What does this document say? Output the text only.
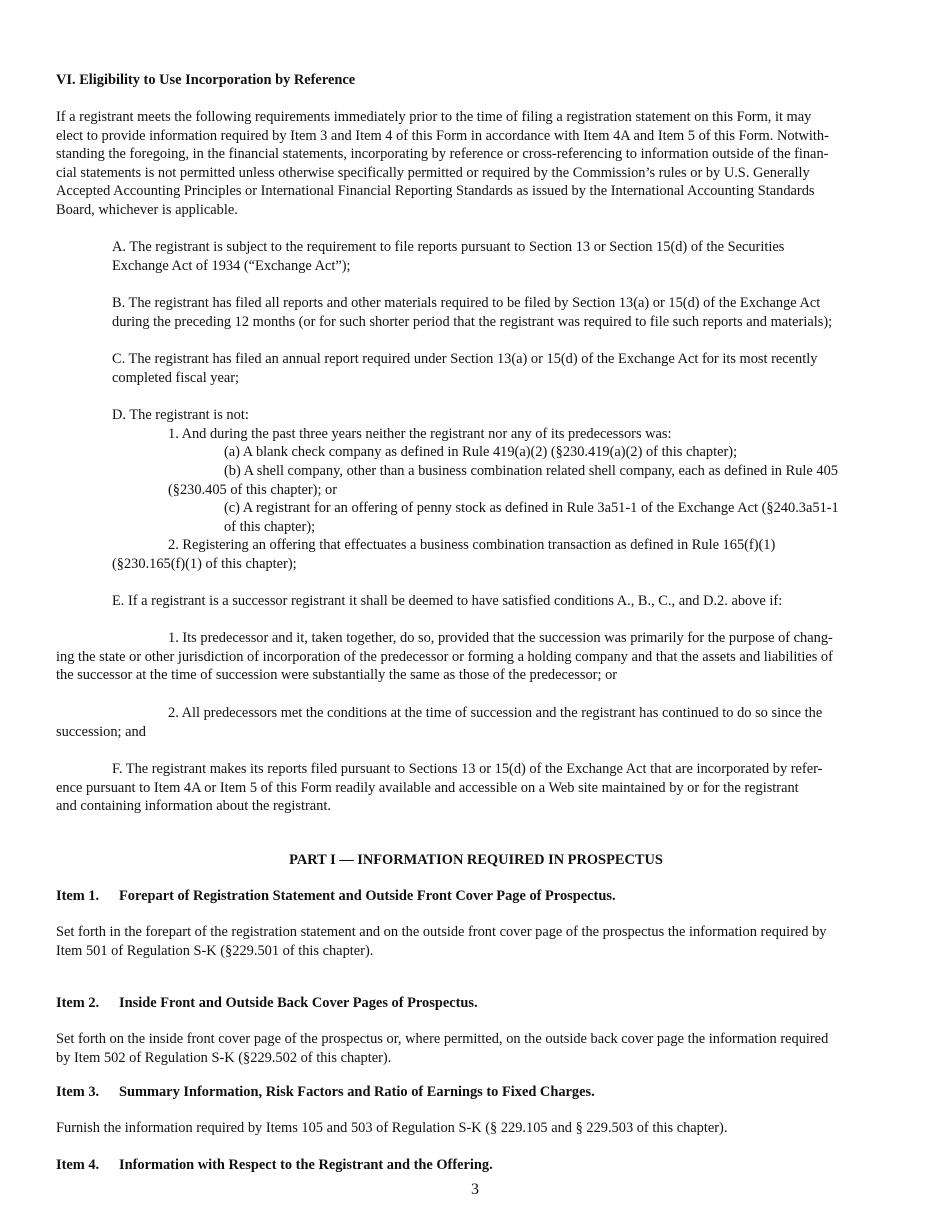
VI. Eligibility to Use Incorporation by Reference

If a registrant meets the following requirements immediately prior to the time of filing a registration statement on this Form, it may

elect to provide information required by Item 3 and Item 4 of this Form in accordance with Item 4A and Item 5 of this Form. Notwith-

standing the foregoing, in the financial statements, incorporating by reference or cross-referencing to information outside of the finan-

cial statements is not permitted unless otherwise specifically permitted or required by the Commission’s rules or by U.S. Generally

Accepted Accounting Principles or International Financial Reporting Standards as issued by the International Accounting Standards

Board, whichever is applicable.

A. The registrant is subject to the requirement to file reports pursuant to Section 13 or Section 15(d) of the Securities

Exchange Act of 1934 (“Exchange Act”);

B. The registrant has filed all reports and other materials required to be filed by Section 13(a) or 15(d) of the Exchange Act

during the preceding 12 months (or for such shorter period that the registrant was required to file such reports and materials);

C. The registrant has filed an annual report required under Section 13(a) or 15(d) of the Exchange Act for its most recently

completed fiscal year;

D. The registrant is not:

1. And during the past three years neither the registrant nor any of its predecessors was:

(a) A blank check company as defined in Rule 419(a)(2) (§230.419(a)(2) of this chapter);

(b) A shell company, other than a business combination related shell company, each as defined in Rule 405

(§230.405 of this chapter); or

(c) A registrant for an offering of penny stock as defined in Rule 3a51-1 of the Exchange Act (§240.3a51-1

of this chapter);

2. Registering an offering that effectuates a business combination transaction as defined in Rule 165(f)(1)

(§230.165(f)(1) of this chapter);

E. If a registrant is a successor registrant it shall be deemed to have satisfied conditions A., B., C., and D.2. above if:

1. Its predecessor and it, taken together, do so, provided that the succession was primarily for the purpose of chang-

ing the state or other jurisdiction of incorporation of the predecessor or forming a holding company and that the assets and liabilities of

the successor at the time of succession were substantially the same as those of the predecessor; or

2. All predecessors met the conditions at the time of succession and the registrant has continued to do so since the

succession; and

F. The registrant makes its reports filed pursuant to Sections 13 or 15(d) of the Exchange Act that are incorporated by refer-

ence pursuant to Item 4A or Item 5 of this Form readily available and accessible on a Web site maintained by or for the registrant

and containing information about the registrant.

PART I — INFORMATION REQUIRED IN PROSPECTUS

Item 1. Forepart of Registration Statement and Outside Front Cover Page of Prospectus.

Set forth in the forepart of the registration statement and on the outside front cover page of the prospectus the information required by

Item 501 of Regulation S-K (§229.501 of this chapter).

Item 2. Inside Front and Outside Back Cover Pages of Prospectus.

Set forth on the inside front cover page of the prospectus or, where permitted, on the outside back cover page the information required

by Item 502 of Regulation S-K (§229.502 of this chapter).

Item 3. Summary Information, Risk Factors and Ratio of Earnings to Fixed Charges.

Furnish the information required by Items 105 and 503 of Regulation S-K (§ 229.105 and § 229.503 of this chapter).

Item 4. Information with Respect to the Registrant and the Offering.

3
